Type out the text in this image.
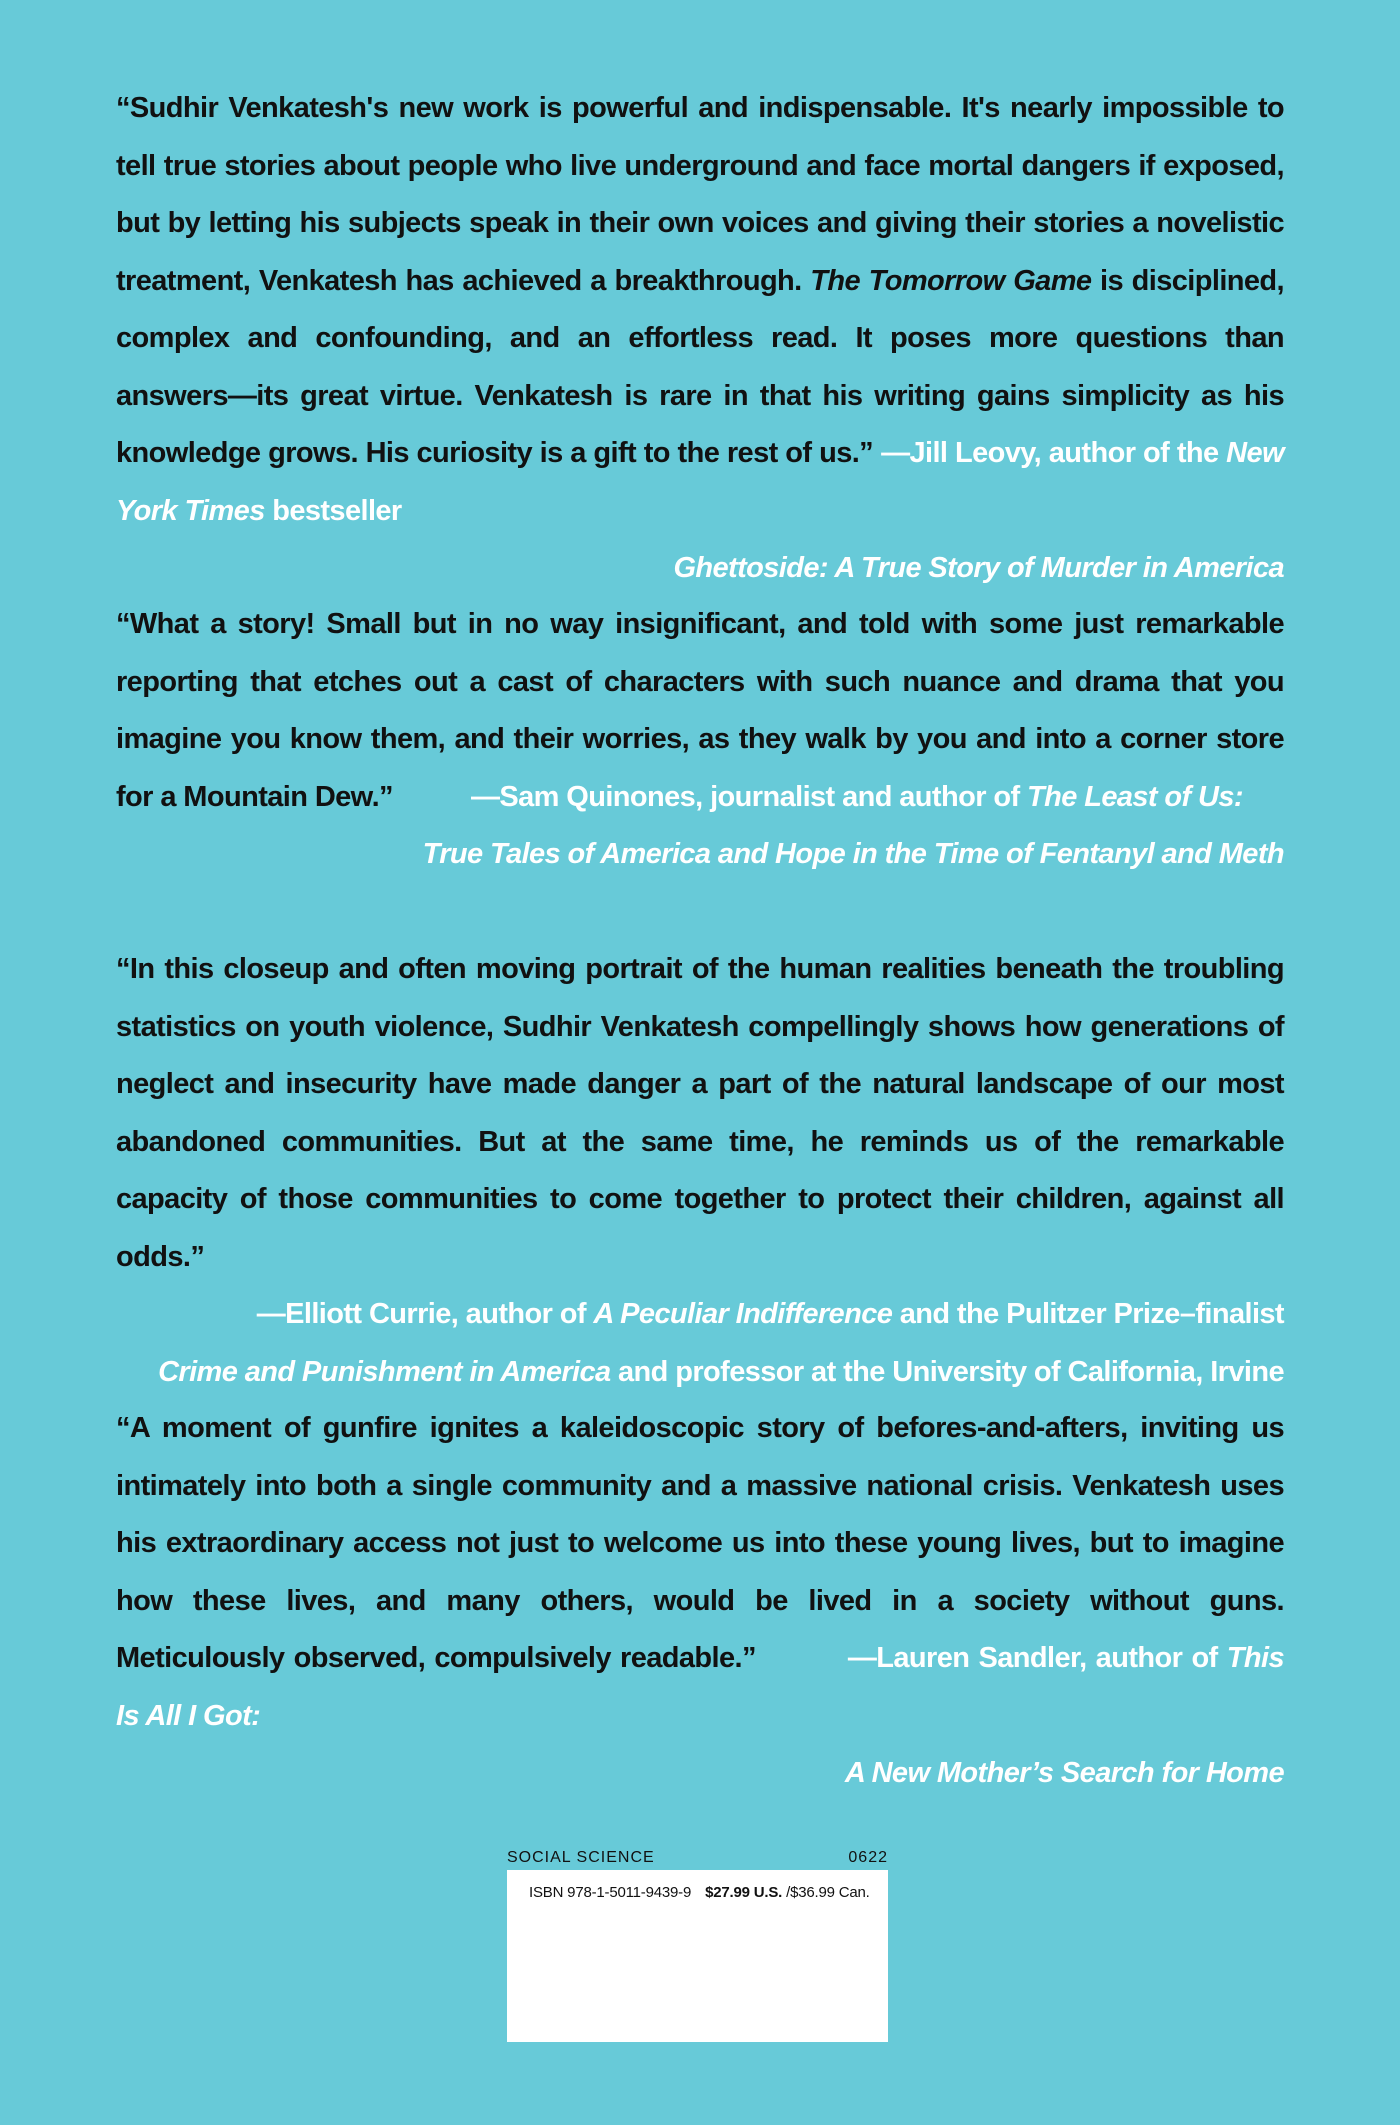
“Sudhir Venkatesh's new work is powerful and indispensable. It's nearly impossible to tell true stories about people who live underground and face mortal dangers if exposed, but by letting his subjects speak in their own voices and giving their stories a novelistic treatment, Venkatesh has achieved a breakthrough. The Tomorrow Game is disciplined, complex and confounding, and an effortless read. It poses more questions than answers—its great virtue. Venkatesh is rare in that his writing gains simplicity as his knowledge grows. His curiosity is a gift to the rest of us.” —Jill Leovy, author of the New York Times bestseller

Ghettoside: A True Story of Murder in America

“What a story! Small but in no way insignificant, and told with some just remarkable reporting that etches out a cast of characters with such nuance and drama that you imagine you know them, and their worries, as they walk by you and into a corner store for a Mountain Dew.”	—Sam Quinones, journalist and author of The Least of Us:

True Tales of America and Hope in the Time of Fentanyl and Meth

“In this closeup and often moving portrait of the human realities beneath the troubling statistics on youth violence, Sudhir Venkatesh compellingly shows how generations of neglect and insecurity have made danger a part of the natural landscape of our most abandoned communities. But at the same time, he reminds us of the remarkable capacity of those communities to come together to protect their children, against all odds.”

—Elliott Currie, author of A Peculiar Indifference and the Pulitzer Prize–finalist

Crime and Punishment in America and professor at the University of California, Irvine

“A moment of gunfire ignites a kaleidoscopic story of befores-and-afters, inviting us intimately into both a single community and a massive national crisis. Venkatesh uses his extraordinary access not just to welcome us into these young lives, but to imagine how these lives, and many others, would be lived in a society without guns. Meticulously observed, compulsively readable.”	—Lauren Sandler, author of This Is All I Got:

A New Mother’s Search for Home

SOCIAL SCIENCE	0622
ISBN 978-1-5011-9439-9 $27.99 U.S. /$36.99 Can.
